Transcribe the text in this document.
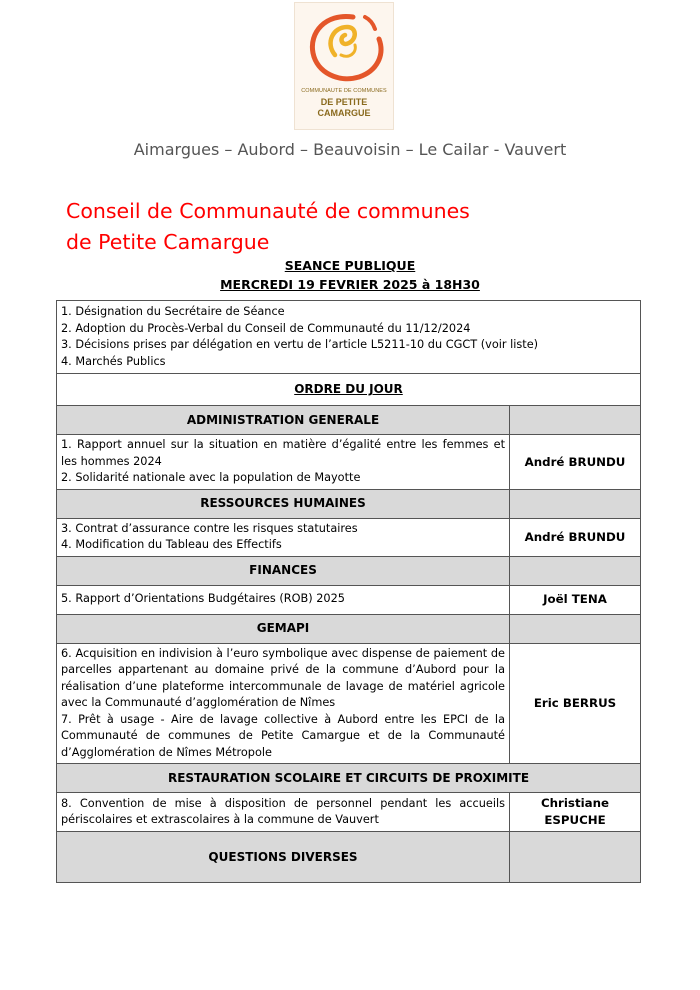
COMMUNAUTE DE COMMUNES
DE PETITE
CAMARGUE
Aimargues – Aubord – Beauvoisin – Le Cailar - Vauvert
Conseil de Communauté de communes
de Petite Camargue
SEANCE PUBLIQUE
MERCREDI 19 FEVRIER 2025 à 18H30
1. Désignation du Secrétaire de Séance
2. Adoption du Procès-Verbal du Conseil de Communauté du 11/12/2024
3. Décisions prises par délégation en vertu de l’article L5211-10 du CGCT (voir liste)
4. Marchés Publics	

ORDRE DU JOUR	
ADMINISTRATION GENERALE	

1. Rapport annuel sur la situation en matière d’égalité entre les femmes et les hommes 2024
2. Solidarité nationale avec la population de Mayotte	André BRUNDU
RESSOURCES HUMAINES	

3. Contrat d’assurance contre les risques statutaires
4. Modification du Tableau des Effectifs	André BRUNDU
FINANCES	

5. Rapport d’Orientations Budgétaires (ROB) 2025	Joël TENA
GEMAPI	

6. Acquisition en indivision à l’euro symbolique avec dispense de paiement de parcelles appartenant au domaine privé de la commune d’Aubord pour la réalisation d’une plateforme intercommunale de lavage de matériel agricole avec la Communauté d’agglomération de Nîmes
7. Prêt à usage - Aire de lavage collective à Aubord entre les EPCI de la Communauté de communes de Petite Camargue et de la Communauté d’Agglomération de Nîmes Métropole	Eric BERRUS
RESTAURATION SCOLAIRE ET CIRCUITS DE PROXIMITE	

8. Convention de mise à disposition de personnel pendant les accueils périscolaires et extrascolaires à la commune de Vauvert	Christiane
ESPUCHE

QUESTIONS DIVERSES	
